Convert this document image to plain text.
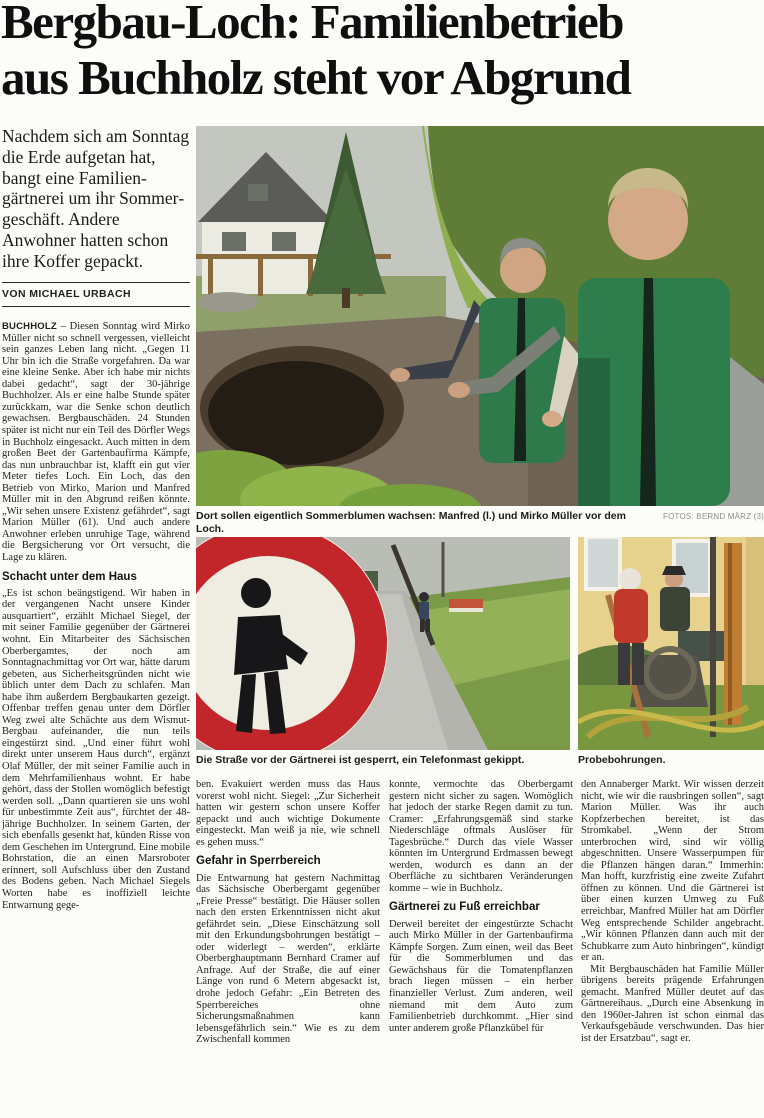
Bergbau-Loch: Familienbetrieb
aus Buchholz steht vor Abgrund

Nachdem sich am Sonntag die Erde aufgetan hat, bangt eine Familiengärtnerei um ihr Sommergeschäft. Andere Anwohner hatten schon ihre Koffer gepackt.

VON MICHAEL URBACH
BUCHHOLZ – Diesen Sonntag wird Mirko Müller nicht so schnell vergessen, vielleicht sein ganzes Leben lang nicht. „Gegen 11 Uhr bin ich die Straße vorgefahren. Da war eine kleine Senke. Aber ich habe mir nichts dabei gedacht“, sagt der 30-jährige Buchholzer. Als er eine halbe Stunde später zurückkam, war die Senke schon deutlich gewachsen. Bergbauschäden. 24 Stunden später ist nicht nur ein Teil des Dörfler Wegs in Buchholz eingesackt. Auch mitten in dem großen Beet der Gartenbaufirma Kämpfe, das nun unbrauchbar ist, klafft ein gut vier Meter tiefes Loch. Ein Loch, das den Betrieb von Mirko, Marion und Manfred Müller mit in den Abgrund reißen könnte. „Wir sehen unsere Existenz gefährdet“, sagt Marion Müller (61). Und auch andere Anwohner erleben unruhige Tage, während die Bergsicherung vor Ort versucht, die Lage zu klären.
Schacht unter dem Haus
„Es ist schon beängstigend. Wir haben in der vergangenen Nacht unsere Kinder ausquartiert“, erzählt Michael Siegel, der mit seiner Familie gegenüber der Gärtnerei wohnt. Ein Mitarbeiter des Sächsischen Oberbergamtes, der noch am Sonntagnachmittag vor Ort war, hätte darum gebeten, aus Sicherheitsgründen nicht wie üblich unter dem Dach zu schlafen. Man habe ihm außerdem Bergbaukarten gezeigt. Offenbar treffen genau unter dem Dörfler Weg zwei alte Schächte aus dem Wismut-Bergbau aufeinander, die nun teils eingestürzt sind. „Und einer führt wohl direkt unter unserem Haus durch“, ergänzt Olaf Müller, der mit seiner Familie auch in dem Mehrfamilienhaus wohnt. Er habe gehört, dass der Stollen womöglich befestigt werden soll. „Dann quartieren sie uns wohl für unbestimmte Zeit aus“, fürchtet der 48-jährige Buchholzer. In seinem Garten, der sich ebenfalls gesenkt hat, künden Risse von dem Geschehen im Untergrund. Eine mobile Bohrstation, die an einen Marsroboter erinnert, soll Aufschluss über den Zustand des Bodens geben. Nach Michael Siegels Worten habe es inoffiziell leichte Entwarnung gege-
Dort sollen eigentlich Sommerblumen wachsen: Manfred (l.) und Mirko Müller vor dem Loch.
FOTOS: BERND MÄRZ (3)
Die Straße vor der Gärtnerei ist gesperrt, ein Telefonmast gekippt.	Probebohrungen.
ben. Evakuiert werden muss das Haus vorerst wohl nicht. Siegel: „Zur Sicherheit hatten wir gestern schon unsere Koffer gepackt und auch wichtige Dokumente eingesteckt. Man weiß ja nie, wie schnell es gehen muss.“
Gefahr in Sperrbereich
Die Entwarnung hat gestern Nachmittag das Sächsische Oberbergamt gegenüber „Freie Presse“ bestätigt. Die Häuser sollen nach den ersten Erkenntnissen nicht akut gefährdet sein. „Diese Einschätzung soll mit den Erkundungsbohrungen bestätigt – oder widerlegt – werden“, erklärte Oberberghauptmann Bernhard Cramer auf Anfrage. Auf der Straße, die auf einer Länge von rund 6 Metern abgesackt ist, drohe jedoch Gefahr: „Ein Betreten des Sperrbereiches ohne Sicherungsmaßnahmen kann lebensgefährlich sein.“ Wie es zu dem Zwischenfall kommen
konnte, vermochte das Oberbergamt gestern nicht sicher zu sagen. Womöglich hat jedoch der starke Regen damit zu tun. Cramer: „Erfahrungsgemäß sind starke Niederschläge oftmals Auslöser für Tagesbrüche.“ Durch das viele Wasser könnten im Untergrund Erdmassen bewegt werden, wodurch es dann an der Oberfläche zu sichtbaren Veränderungen komme – wie in Buchholz.
Gärtnerei zu Fuß erreichbar
Derweil bereitet der eingestürzte Schacht auch Mirko Müller in der Gartenbaufirma Kämpfe Sorgen. Zum einen, weil das Beet für die Sommerblumen und das Gewächshaus für die Tomatenpflanzen brach liegen müssen – ein herber finanzieller Verlust. Zum anderen, weil niemand mit dem Auto zum Familienbetrieb durchkommt. „Hier sind unter anderem große Pflanzkübel für
den Annaberger Markt. Wir wissen derzeit nicht, wie wir die rausbringen sollen“, sagt Marion Müller. Was ihr auch Kopfzerbechen bereitet, ist das Stromkabel. „Wenn der Strom unterbrochen wird, sind wir völlig abgeschnitten. Unsere Wasserpumpen für die Pflanzen hängen daran.“ Immerhin: Man hofft, kurzfristig eine zweite Zufahrt öffnen zu können. Und die Gärtnerei ist über einen kurzen Umweg zu Fuß erreichbar, Manfred Müller hat am Dörfler Weg entsprechende Schilder angebracht. „Wir können Pflanzen dann auch mit der Schubkarre zum Auto hinbringen“, kündigt er an.
Mit Bergbauschäden hat Familie Müller übrigens bereits prägende Erfahrungen gemacht. Manfred Müller deutet auf das Gärtnereihaus. „Durch eine Absenkung in den 1960er-Jahren ist schon einmal das Verkaufsgebäude verschwunden. Das hier ist der Ersatzbau“, sagt er.
